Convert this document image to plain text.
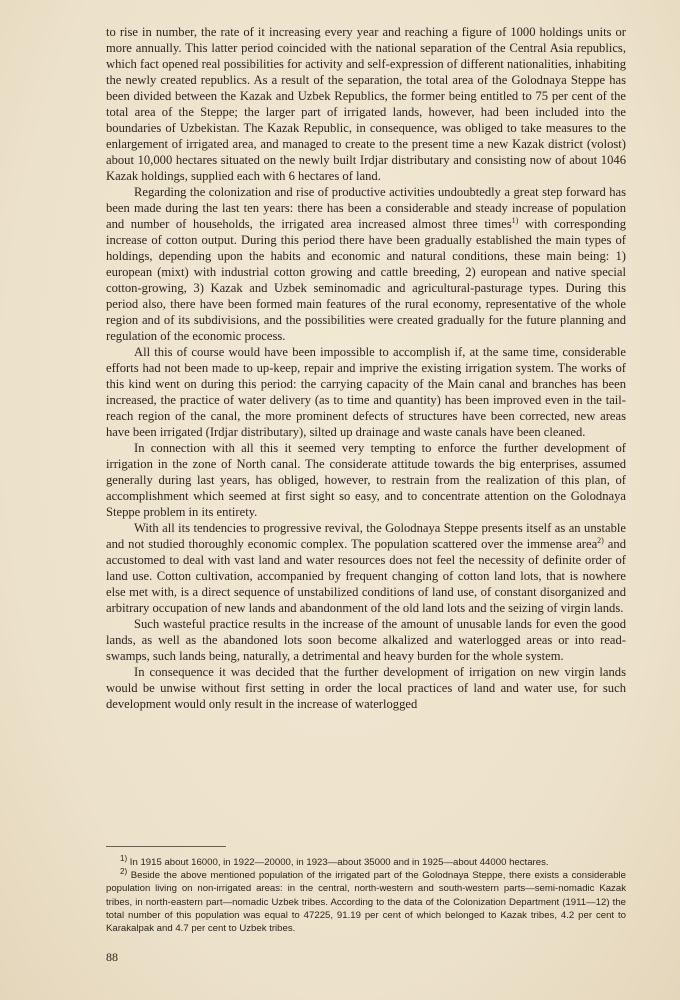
to rise in number, the rate of it increasing every year and reaching a figure of 1000 holdings units or more annually. This latter period coincided with the national separation of the Central Asia republics, which fact opened real possibilities for activity and self-expression of different nationalities, inhabiting the newly created republics. As a result of the separation, the total area of the Golodnaya Steppe has been divided between the Kazak and Uzbek Republics, the former being entitled to 75 per cent of the total area of the Steppe; the larger part of irrigated lands, however, had been included into the boundaries of Uzbekistan. The Kazak Republic, in consequence, was obliged to take measures to the enlargement of irrigated area, and managed to create to the present time a new Kazak district (volost) about 10,000 hectares situated on the newly built Irdjar distributary and consisting now of about 1046 Kazak holdings, supplied each with 6 hectares of land.

Regarding the colonization and rise of productive activities undoubtedly a great step forward has been made during the last ten years: there has been a considerable and steady increase of population and number of households, the irrigated area increased almost three times$^{1)}$ with corresponding increase of cotton output. During this period there have been gradually established the main types of holdings, depending upon the habits and economic and natural conditions, these main being: 1) european (mixt) with industrial cotton growing and cattle breeding, 2) european and native special cotton-growing, 3) Kazak and Uzbek seminomadic and agricultural-pasturage types. During this period also, there have been formed main features of the rural economy, representative of the whole region and of its subdivisions, and the possibilities were created gradually for the future planning and regulation of the economic process.

All this of course would have been impossible to accomplish if, at the same time, considerable efforts had not been made to up-keep, repair and imprive the existing irrigation system. The works of this kind went on during this period: the carrying capacity of the Main canal and branches has been increased, the practice of water delivery (as to time and quantity) has been improved even in the tail-reach region of the canal, the more prominent defects of structures have been corrected, new areas have been irrigated (Irdjar distributary), silted up drainage and waste canals have been cleaned.

In connection with all this it seemed very tempting to enforce the further development of irrigation in the zone of North canal. The considerate attitude towards the big enterprises, assumed generally during last years, has obliged, however, to restrain from the realization of this plan, of accomplishment which seemed at first sight so easy, and to concentrate attention on the Golodnaya Steppe problem in its entirety.

With all its tendencies to progressive revival, the Golodnaya Steppe presents itself as an unstable and not studied thoroughly economic complex. The population scattered over the immense area$^{2)}$ and accustomed to deal with vast land and water resources does not feel the necessity of definite order of land use. Cotton cultivation, accompanied by frequent changing of cotton land lots, that is nowhere else met with, is a direct sequence of unstabilized conditions of land use, of constant disorganized and arbitrary occupation of new lands and abandonment of the old land lots and the seizing of virgin lands.

Such wasteful practice results in the increase of the amount of unusable lands for even the good lands, as well as the abandoned lots soon become alkalized and waterlogged areas or into read-swamps, such lands being, naturally, a detrimental and heavy burden for the whole system.

In consequence it was decided that the further development of irrigation on new virgin lands would be unwise without first setting in order the local practices of land and water use, for such development would only result in the increase of waterlogged

$^{1)}$ In 1915 about 16000, in 1922—20000, in 1923—about 35000 and in 1925—about 44000 hectares.

$^{2)}$ Beside the above mentioned population of the irrigated part of the Golodnaya Steppe, there exists a considerable population living on non-irrigated areas: in the central, north-western and south-western parts—semi-nomadic Kazak tribes, in north-eastern part—nomadic Uzbek tribes. According to the data of the Colonization Department (1911—12) the total number of this population was equal to 47225, 91.19 per cent of which belonged to Kazak tribes, 4.2 per cent to Karakalpak and 4.7 per cent to Uzbek tribes.

88
